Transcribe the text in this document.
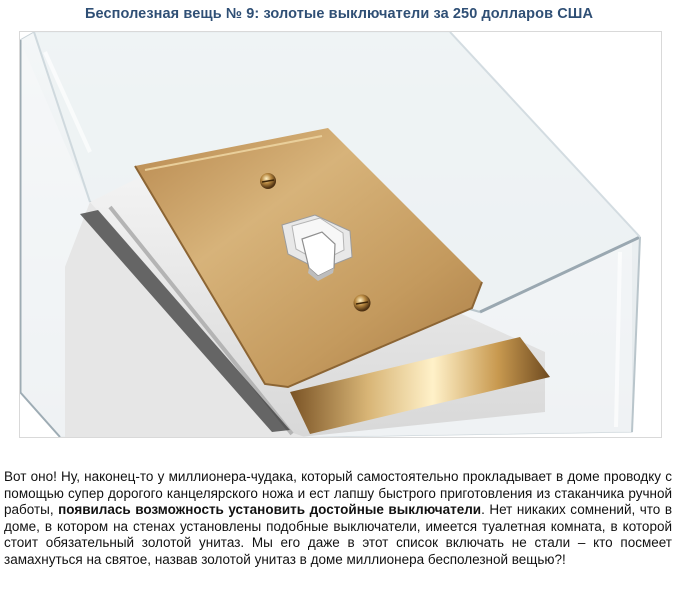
Бесполезная вещь № 9: золотые выключатели за 250 долларов США
Вот оно! Ну, наконец-то у миллионера-чудака, который самостоятельно прокладывает в доме проводку с помощью супер дорогого канцелярского ножа и ест лапшу быстрого приготовления из стаканчика ручной работы, появилась возможность установить достойные выключатели. Нет никаких сомнений, что в доме, в котором на стенах установлены подобные выключатели, имеется туалетная комната, в которой стоит обязательный золотой унитаз. Мы его даже в этот список включать не стали – кто посмеет замахнуться на святое, назвав золотой унитаз в доме миллионера бесполезной вещью?!
